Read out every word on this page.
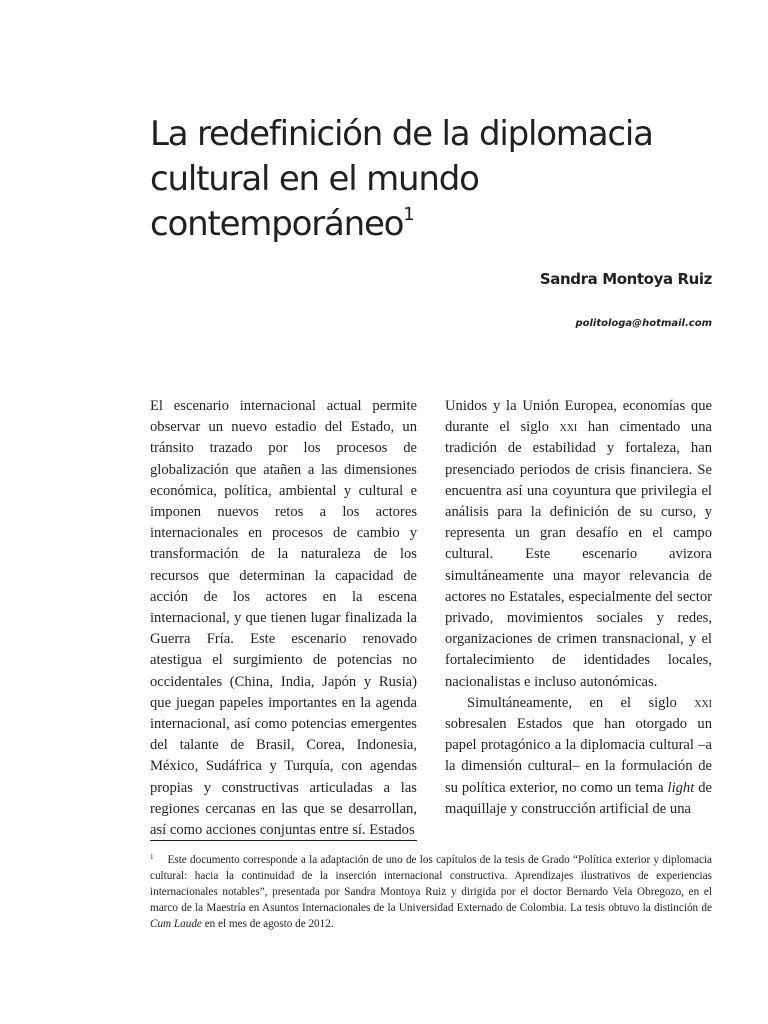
La redefinición de la diplomacia cultural en el mundo contemporáneo$^1$
Sandra Montoya Ruiz
politologa@hotmail.com

El escenario internacional actual permite observar un nuevo estadio del Estado, un tránsito trazado por los procesos de globalización que atañen a las dimensiones económica, política, ambiental y cultural e imponen nuevos retos a los actores internacionales en procesos de cambio y transformación de la naturaleza de los recursos que determinan la capacidad de acción de los actores en la escena internacional, y que tienen lugar finalizada la Guerra Fría. Este escenario renovado atestigua el surgimiento de potencias no occidentales (China, India, Japón y Rusia) que juegan papeles importantes en la agenda internacional, así como potencias emergentes del talante de Brasil, Corea, Indonesia, México, Sudáfrica y Turquía, con agendas propias y constructivas articuladas a las regiones cercanas en las que se desarrollan, así como acciones conjuntas entre sí. Estados

Unidos y la Unión Europea, economías que durante el siglo xxi han cimentado una tradición de estabilidad y fortaleza, han presenciado periodos de crisis financiera. Se encuentra así una coyuntura que privilegia el análisis para la definición de su curso, y representa un gran desafío en el campo cultural. Este escenario avizora simultáneamente una mayor relevancia de actores no Estatales, especialmente del sector privado, movimientos sociales y redes, organizaciones de crimen transnacional, y el fortalecimiento de identidades locales, nacionalistas e incluso autonómicas.

Simultáneamente, en el siglo xxi sobresalen Estados que han otorgado un papel protagónico a la diplomacia cultural –a la dimensión cultural– en la formulación de su política exterior, no como un tema light de maquillaje y construcción artificial de una

$^1$ Este documento corresponde a la adaptación de uno de los capítulos de la tesis de Grado “Política exterior y diplomacia cultural: hacia la continuidad de la inserción internacional constructiva. Aprendizajes ilustrativos de experiencias internacionales notables”, presentada por Sandra Montoya Ruiz y dirigida por el doctor Bernardo Vela Obregozo, en el marco de la Maestría en Asuntos Internacionales de la Universidad Externado de Colombia. La tesis obtuvo la distinción de Cum Laude en el mes de agosto de 2012.
